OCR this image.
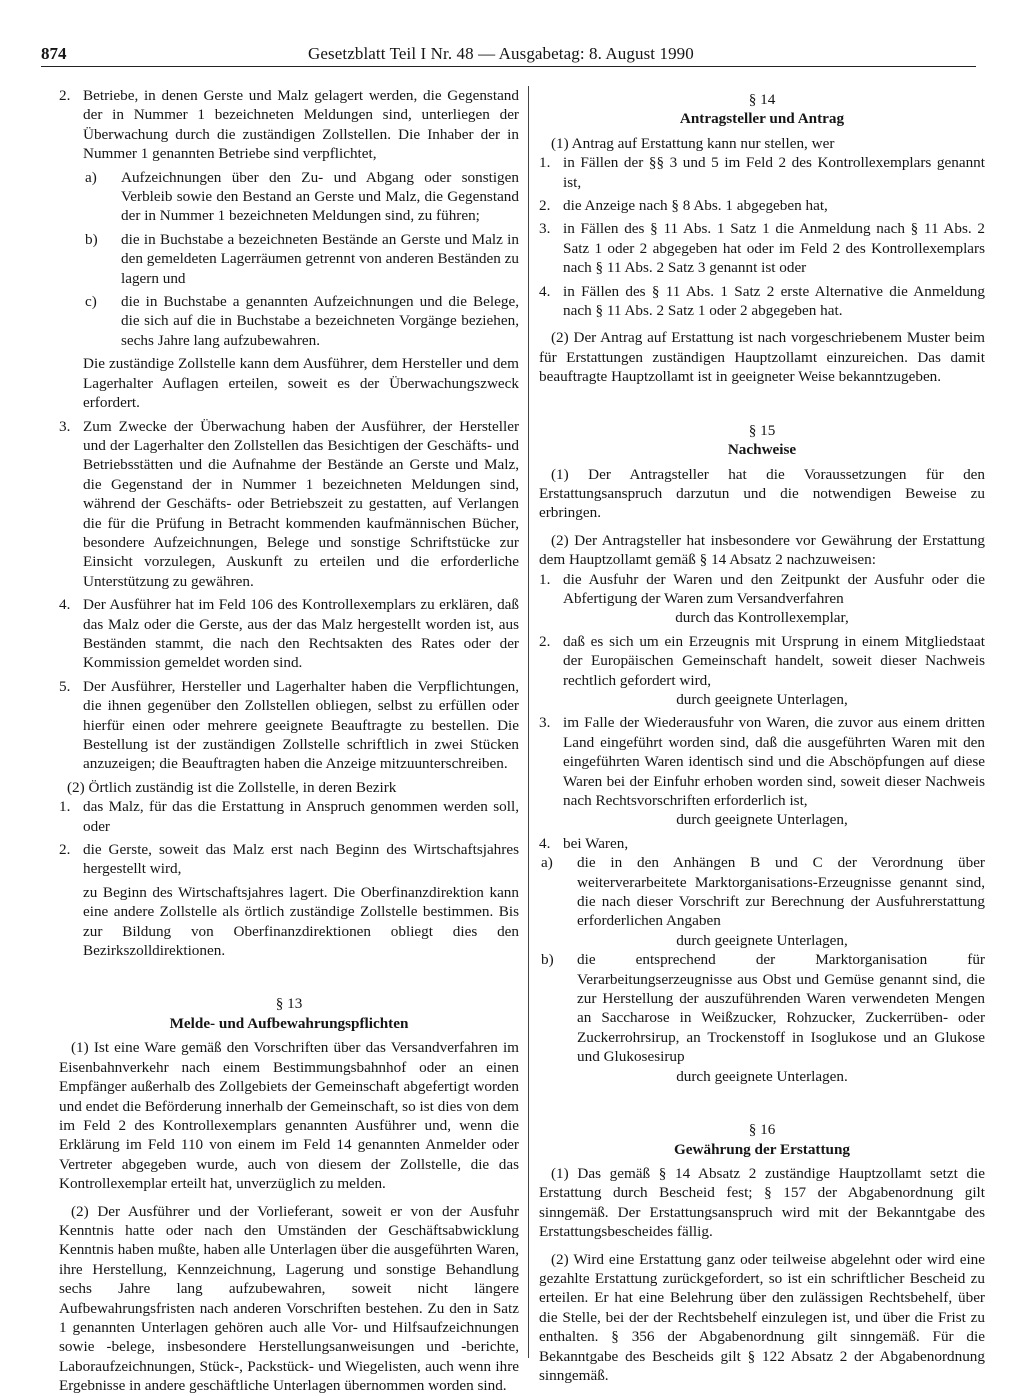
874	Gesetzblatt Teil I Nr. 48 — Ausgabetag: 8. August 1990
2. Betriebe, in denen Gerste und Malz gelagert werden, die Gegenstand der in Nummer 1 bezeichneten Meldungen sind, unterliegen der Überwachung durch die zuständigen Zollstellen. Die Inhaber der in Nummer 1 genannten Betriebe sind verpflichtet,
a)	Aufzeichnungen über den Zu- und Abgang oder sonstigen Verbleib sowie den Bestand an Gerste und Malz, die Gegenstand der in Nummer 1 bezeichneten Meldungen sind, zu führen;
b)	die in Buchstabe a bezeichneten Bestände an Gerste und Malz in den gemeldeten Lagerräumen getrennt von anderen Beständen zu lagern und
c)	die in Buchstabe a genannten Aufzeichnungen und die Belege, die sich auf die in Buchstabe a bezeichneten Vorgänge beziehen, sechs Jahre lang aufzubewahren.

Die zuständige Zollstelle kann dem Ausführer, dem Hersteller und dem Lagerhalter Auflagen erteilen, soweit es der Überwachungszweck erfordert.

3. Zum Zwecke der Überwachung haben der Ausführer, der Hersteller und der Lagerhalter den Zollstellen das Besichtigen der Geschäfts- und Betriebsstätten und die Aufnahme der Bestände an Gerste und Malz, die Gegenstand der in Nummer 1 bezeichneten Meldungen sind, während der Geschäfts- oder Betriebszeit zu gestatten, auf Verlangen die für die Prüfung in Betracht kommenden kaufmännischen Bücher, besondere Aufzeichnungen, Belege und sonstige Schriftstücke zur Einsicht vorzulegen, Auskunft zu erteilen und die erforderliche Unterstützung zu gewähren.
4. Der Ausführer hat im Feld 106 des Kontrollexemplars zu erklären, daß das Malz oder die Gerste, aus der das Malz hergestellt worden ist, aus Beständen stammt, die nach den Rechtsakten des Rates oder der Kommission gemeldet worden sind.
5. Der Ausführer, Hersteller und Lagerhalter haben die Verpflichtungen, die ihnen gegenüber den Zollstellen obliegen, selbst zu erfüllen oder hierfür einen oder mehrere geeignete Beauftragte zu bestellen. Die Bestellung ist der zuständigen Zollstelle schriftlich in zwei Stücken anzuzeigen; die Beauftragten haben die Anzeige mitzuunterschreiben.

(2) Örtlich zuständig ist die Zollstelle, in deren Bezirk

1. das Malz, für das die Erstattung in Anspruch genommen werden soll, oder
2. die Gerste, soweit das Malz erst nach Beginn des Wirtschaftsjahres hergestellt wird,

zu Beginn des Wirtschaftsjahres lagert. Die Oberfinanzdirektion kann eine andere Zollstelle als örtlich zuständige Zollstelle bestimmen. Bis zur Bildung von Oberfinanzdirektionen obliegt dies den Bezirkszolldirektionen.

§ 13
Melde- und Aufbewahrungspflichten

(1) Ist eine Ware gemäß den Vorschriften über das Versandverfahren im Eisenbahnverkehr nach einem Bestimmungsbahnhof oder an einen Empfänger außerhalb des Zollgebiets der Gemeinschaft abgefertigt worden und endet die Beförderung innerhalb der Gemeinschaft, so ist dies von dem im Feld 2 des Kontrollexemplars genannten Ausführer und, wenn die Erklärung im Feld 110 von einem im Feld 14 genannten Anmelder oder Vertreter abgegeben wurde, auch von diesem der Zollstelle, die das Kontrollexemplar erteilt hat, unverzüglich zu melden.

(2) Der Ausführer und der Vorlieferant, soweit er von der Ausfuhr Kenntnis hatte oder nach den Umständen der Geschäftsabwicklung Kenntnis haben mußte, haben alle Unterlagen über die ausgeführten Waren, ihre Herstellung, Kennzeichnung, Lagerung und sonstige Behandlung sechs Jahre lang aufzubewahren, soweit nicht längere Aufbewahrungsfristen nach anderen Vorschriften bestehen. Zu den in Satz 1 genannten Unterlagen gehören auch alle Vor- und Hilfsaufzeichnungen sowie -belege, insbesondere Herstellungsanweisungen und -berichte, Laboraufzeichnungen, Stück-, Packstück- und Wiegelisten, auch wenn ihre Ergebnisse in andere geschäftliche Unterlagen übernommen worden sind.

§ 14
Antragsteller und Antrag

(1) Antrag auf Erstattung kann nur stellen, wer

1. in Fällen der §§ 3 und 5 im Feld 2 des Kontrollexemplars genannt ist,
2. die Anzeige nach § 8 Abs. 1 abgegeben hat,
3. in Fällen des § 11 Abs. 1 Satz 1 die Anmeldung nach § 11 Abs. 2 Satz 1 oder 2 abgegeben hat oder im Feld 2 des Kontrollexemplars nach § 11 Abs. 2 Satz 3 genannt ist oder
4. in Fällen des § 11 Abs. 1 Satz 2 erste Alternative die Anmeldung nach § 11 Abs. 2 Satz 1 oder 2 abgegeben hat.

(2) Der Antrag auf Erstattung ist nach vorgeschriebenem Muster beim für Erstattungen zuständigen Hauptzollamt einzureichen. Das damit beauftragte Hauptzollamt ist in geeigneter Weise bekanntzugeben.

§ 15
Nachweise

(1) Der Antragsteller hat die Voraussetzungen für den Erstattungsanspruch darzutun und die notwendigen Beweise zu erbringen.

(2) Der Antragsteller hat insbesondere vor Gewährung der Erstattung dem Hauptzollamt gemäß § 14 Absatz 2 nachzuweisen:

1. die Ausfuhr der Waren und den Zeitpunkt der Ausfuhr oder die Abfertigung der Waren zum Versandverfahren
durch das Kontrollexemplar,
2. daß es sich um ein Erzeugnis mit Ursprung in einem Mitgliedstaat der Europäischen Gemeinschaft handelt, soweit dieser Nachweis rechtlich gefordert wird,
durch geeignete Unterlagen,
3. im Falle der Wiederausfuhr von Waren, die zuvor aus einem dritten Land eingeführt worden sind, daß die ausgeführten Waren mit den eingeführten Waren identisch sind und die Abschöpfungen auf diese Waren bei der Einfuhr erhoben worden sind, soweit dieser Nachweis nach Rechtsvorschriften erforderlich ist,
durch geeignete Unterlagen,
4. bei Waren,
a)	die in den Anhängen B und C der Verordnung über weiterverarbeitete Marktorganisations-Erzeugnisse genannt sind, die nach dieser Vorschrift zur Berechnung der Ausfuhrerstattung erforderlichen Angaben
durch geeignete Unterlagen,
b)	die entsprechend der Marktorganisation für Verarbeitungserzeugnisse aus Obst und Gemüse genannt sind, die zur Herstellung der auszuführenden Waren verwendeten Mengen an Saccharose in Weißzucker, Rohzucker, Zuckerrüben- oder Zuckerrohrsirup, an Trockenstoff in Isoglukose und an Glukose und Glukosesirup
durch geeignete Unterlagen.
§ 16
Gewährung der Erstattung

(1) Das gemäß § 14 Absatz 2 zuständige Hauptzollamt setzt die Erstattung durch Bescheid fest; § 157 der Abgabenordnung gilt sinngemäß. Der Erstattungsanspruch wird mit der Bekanntgabe des Erstattungsbescheides fällig.

(2) Wird eine Erstattung ganz oder teilweise abgelehnt oder wird eine gezahlte Erstattung zurückgefordert, so ist ein schriftlicher Bescheid zu erteilen. Er hat eine Belehrung über den zulässigen Rechtsbehelf, über die Stelle, bei der der Rechtsbehelf einzulegen ist, und über die Frist zu enthalten. § 356 der Abgabenordnung gilt sinngemäß. Für die Bekanntgabe des Bescheids gilt § 122 Absatz 2 der Abgabenordnung sinngemäß.
